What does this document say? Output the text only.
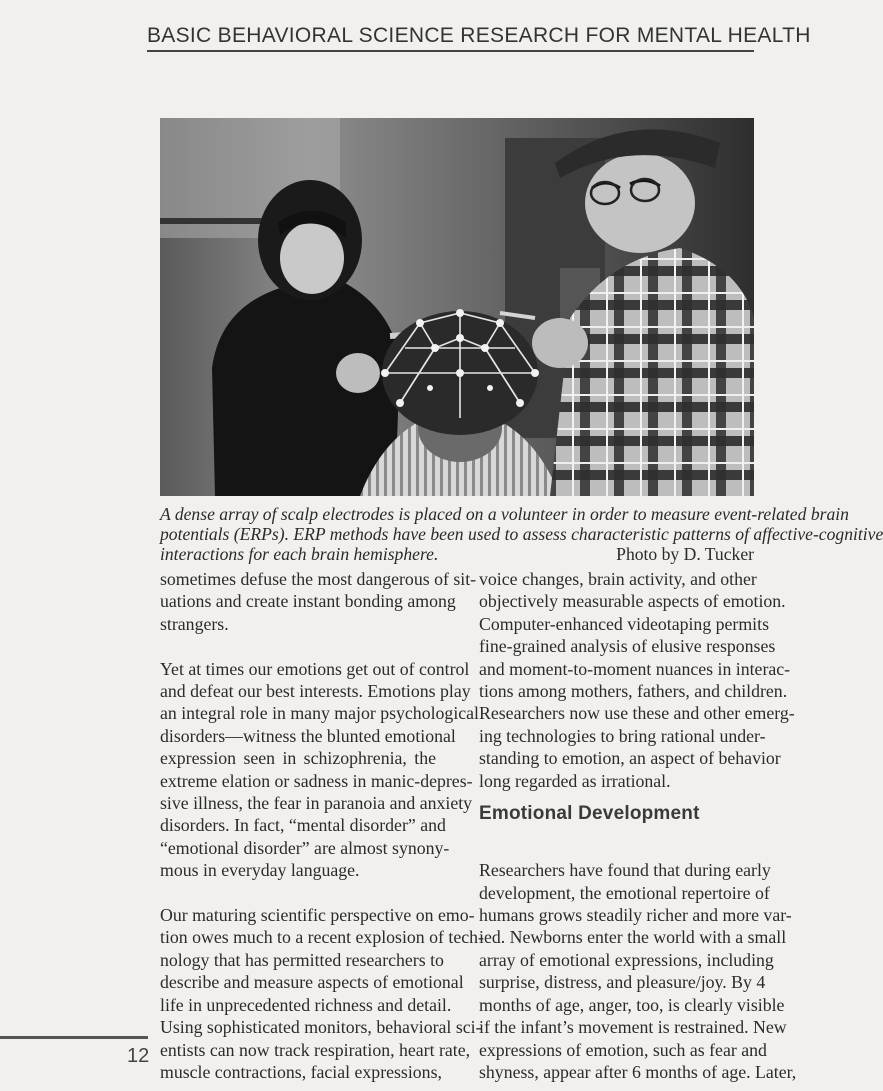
BASIC BEHAVIORAL SCIENCE RESEARCH FOR MENTAL HEALTH
A dense array of scalp electrodes is placed on a volunteer in order to measure event-related brain
potentials (ERPs). ERP methods have been used to assess characteristic patterns of affective-cognitive
interactions for each brain hemisphere.	Photo by D. Tucker

sometimes defuse the most dangerous of sit-
uations and create instant bonding among
strangers.

Yet at times our emotions get out of control
and defeat our best interests. Emotions play
an integral role in many major psychological
disorders—witness the blunted emotional
expression seen in schizophrenia, the
extreme elation or sadness in manic-depres-
sive illness, the fear in paranoia and anxiety
disorders. In fact, “mental disorder” and
“emotional disorder” are almost synony-
mous in everyday language.

Our maturing scientific perspective on emo-
tion owes much to a recent explosion of tech-
nology that has permitted researchers to
describe and measure aspects of emotional
life in unprecedented richness and detail.
Using sophisticated monitors, behavioral sci-
entists can now track respiration, heart rate,
muscle contractions, facial expressions,

voice changes, brain activity, and other
objectively measurable aspects of emotion.
Computer-enhanced videotaping permits
fine-grained analysis of elusive responses
and moment-to-moment nuances in interac-
tions among mothers, fathers, and children.
Researchers now use these and other emerg-
ing technologies to bring rational under-
standing to emotion, an aspect of behavior
long regarded as irrational.

Emotional Development

Researchers have found that during early
development, the emotional repertoire of
humans grows steadily richer and more var-
ied. Newborns enter the world with a small
array of emotional expressions, including
surprise, distress, and pleasure/joy. By 4
months of age, anger, too, is clearly visible
if the infant’s movement is restrained. New
expressions of emotion, such as fear and
shyness, appear after 6 months of age. Later,

12
